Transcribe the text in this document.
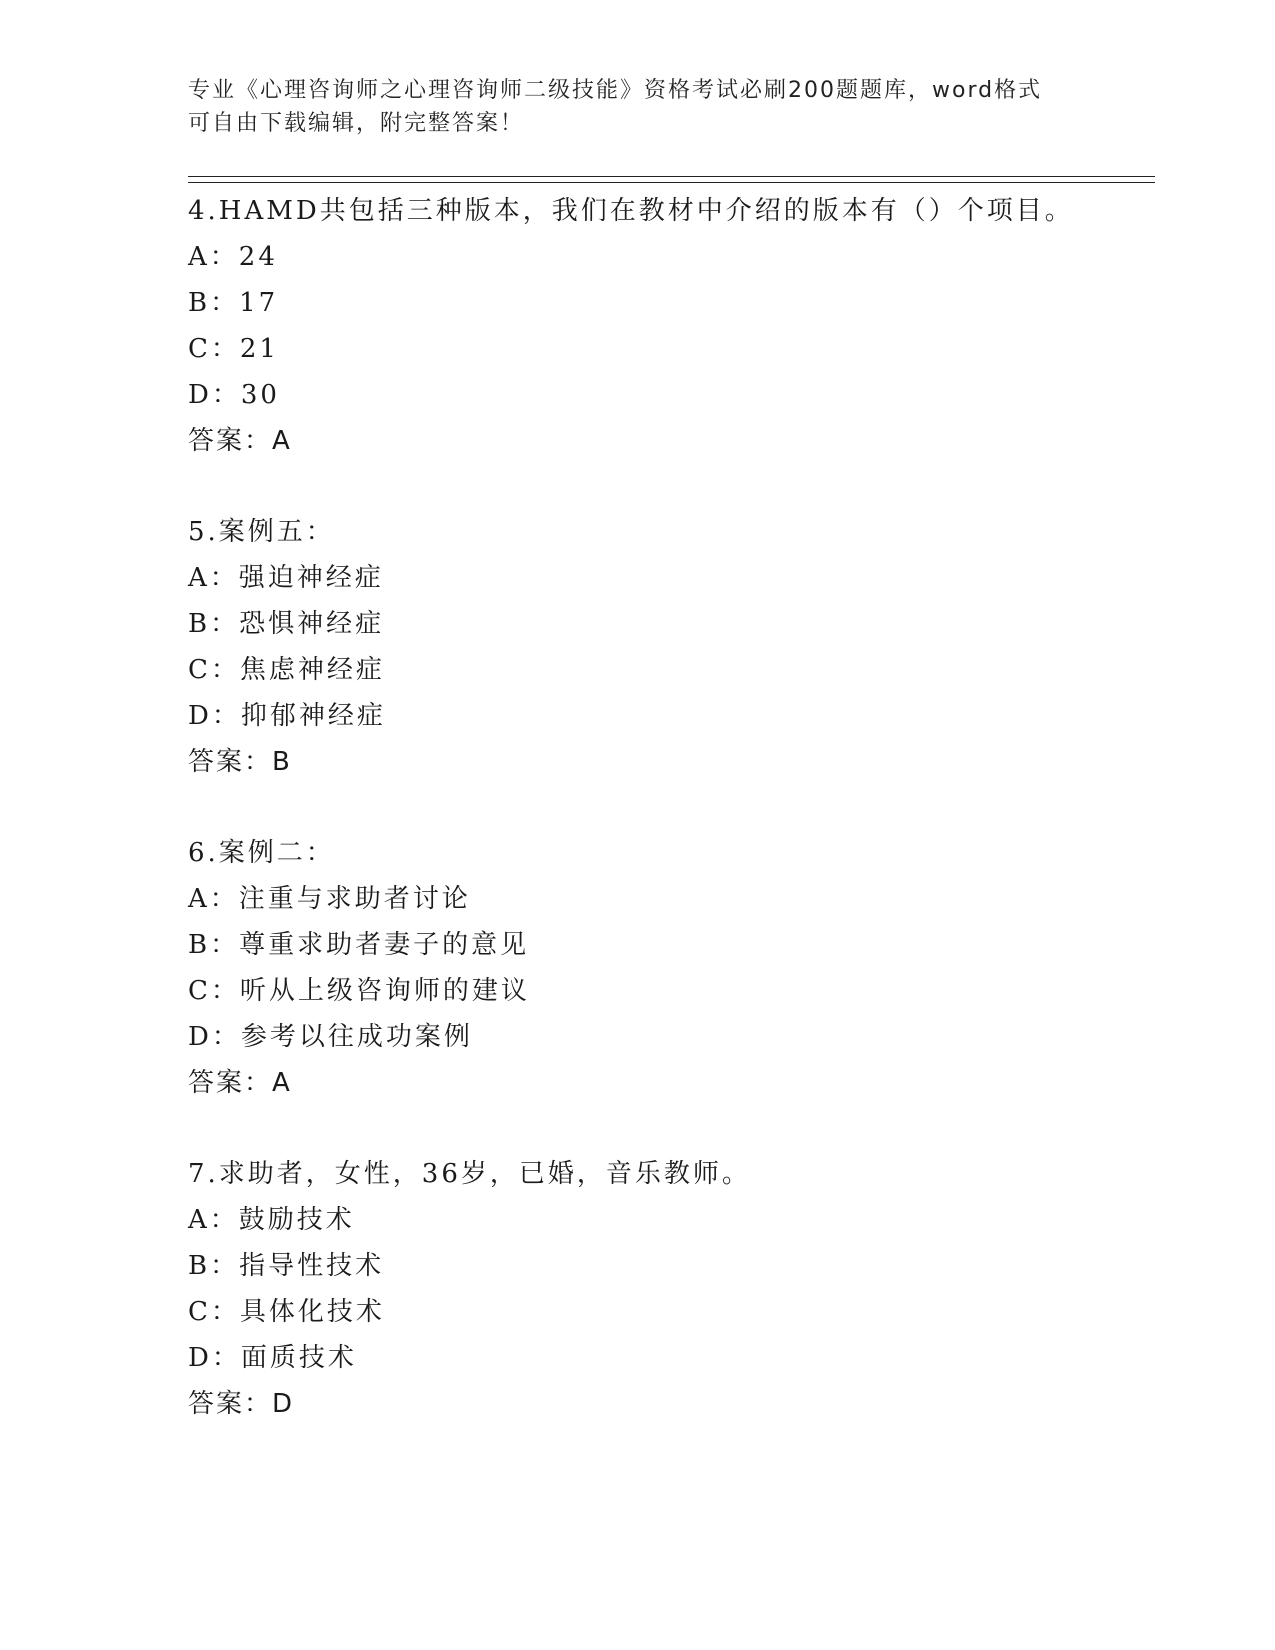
专业《心理咨询师之心理咨询师二级技能》资格考试必刷200题题库，word格式
可自由下载编辑，附完整答案！
4.HAMD共包括三种版本，我们在教材中介绍的版本有（）个项目。
A：24
B：17
C：21
D：30
答案：A
5.案例五：
A：强迫神经症
B：恐惧神经症
C：焦虑神经症
D：抑郁神经症
答案：B
6.案例二：
A：注重与求助者讨论
B：尊重求助者妻子的意见
C：听从上级咨询师的建议
D：参考以往成功案例
答案：A
7.求助者，女性，36岁，已婚，音乐教师。
A：鼓励技术
B：指导性技术
C：具体化技术
D：面质技术
答案：D
